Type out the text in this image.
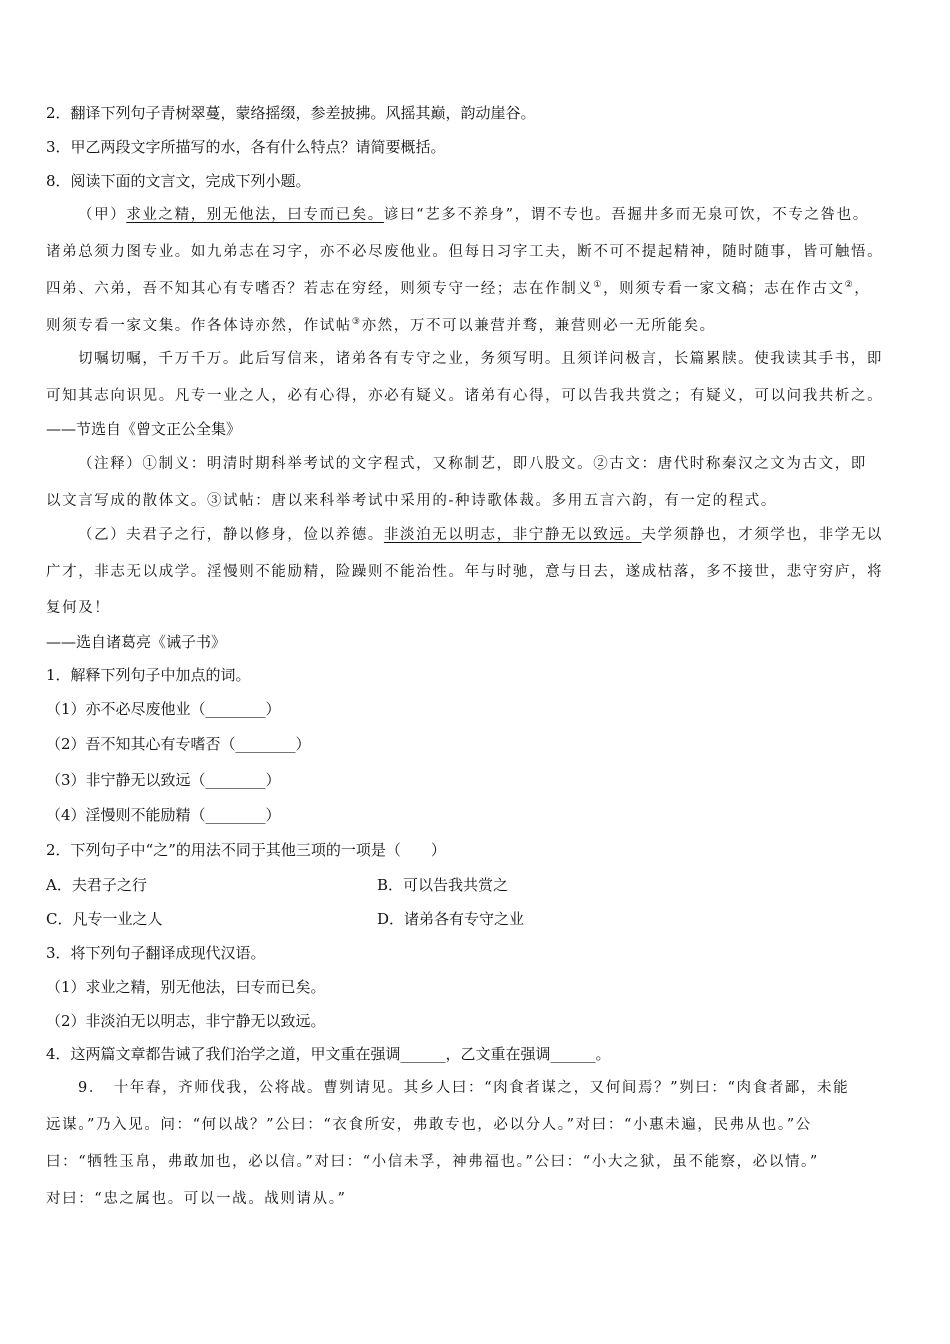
2．翻译下列句子青树翠蔓，蒙络摇缀，参差披拂。风摇其巅，韵动崖谷。
3．甲乙两段文字所描写的水，各有什么特点？请简要概括。
8．阅读下面的文言文，完成下列小题。
（甲）求业之精，别无他法，曰专而已矣。谚曰“艺多不养身”，谓不专也。吾掘井多而无泉可饮，不专之咎也。
诸弟总须力图专业。如九弟志在习字，亦不必尽废他业。但每日习字工夫，断不可不提起精神，随时随事，皆可触悟。
四弟、六弟，吾不知其心有专嗜否？若志在穷经，则须专守一经；志在作制义①，则须专看一家文稿；志在作古文②，
则须专看一家文集。作各体诗亦然，作试帖③亦然，万不可以兼营并骛，兼营则必一无所能矣。
切嘱切嘱，千万千万。此后写信来，诸弟各有专守之业，务须写明。且须详问极言，长篇累牍。使我读其手书，即
可知其志向识见。凡专一业之人，必有心得，亦必有疑义。诸弟有心得，可以告我共赏之；有疑义，可以问我共析之。
——节选自《曾文正公全集》
（注释）①制义：明清时期科举考试的文字程式，又称制艺，即八股文。②古文：唐代时称秦汉之文为古文，即
以文言写成的散体文。③试帖：唐以来科举考试中采用的-种诗歌体裁。多用五言六韵，有一定的程式。
（乙）夫君子之行，静以修身，俭以养德。非淡泊无以明志，非宁静无以致远。夫学须静也，才须学也，非学无以
广才，非志无以成学。淫慢则不能励精，险躁则不能治性。年与时驰，意与日去，遂成枯落，多不接世，悲守穷庐，将
复何及！
——选自诸葛亮《诫子书》
1．解释下列句子中加点的词。
（1）亦不必尽废他业（________）
（2）吾不知其心有专嗜否（________）
（3）非宁静无以致远（________）
（4）淫慢则不能励精（________）
2．下列句子中“之”的用法不同于其他三项的一项是（　　）
A．夫君子之行	B．可以告我共赏之
C．凡专一业之人	D．诸弟各有专守之业
3．将下列句子翻译成现代汉语。
（1）求业之精，别无他法，曰专而已矣。
（2）非淡泊无以明志，非宁静无以致远。
4．这两篇文章都告诫了我们治学之道，甲文重在强调______，乙文重在强调______。
9．　十年春，齐师伐我，公将战。曹刿请见。其乡人曰：“肉食者谋之，又何间焉？”刿曰：“肉食者鄙，未能
远谋。”乃入见。问：“何以战？”公曰：“衣食所安，弗敢专也，必以分人。”对曰：“小惠未遍，民弗从也。”公
曰：“牺牲玉帛，弗敢加也，必以信。”对曰：“小信未孚，神弗福也。”公曰：“小大之狱，虽不能察，必以情。”
对曰：“忠之属也。可以一战。战则请从。”
